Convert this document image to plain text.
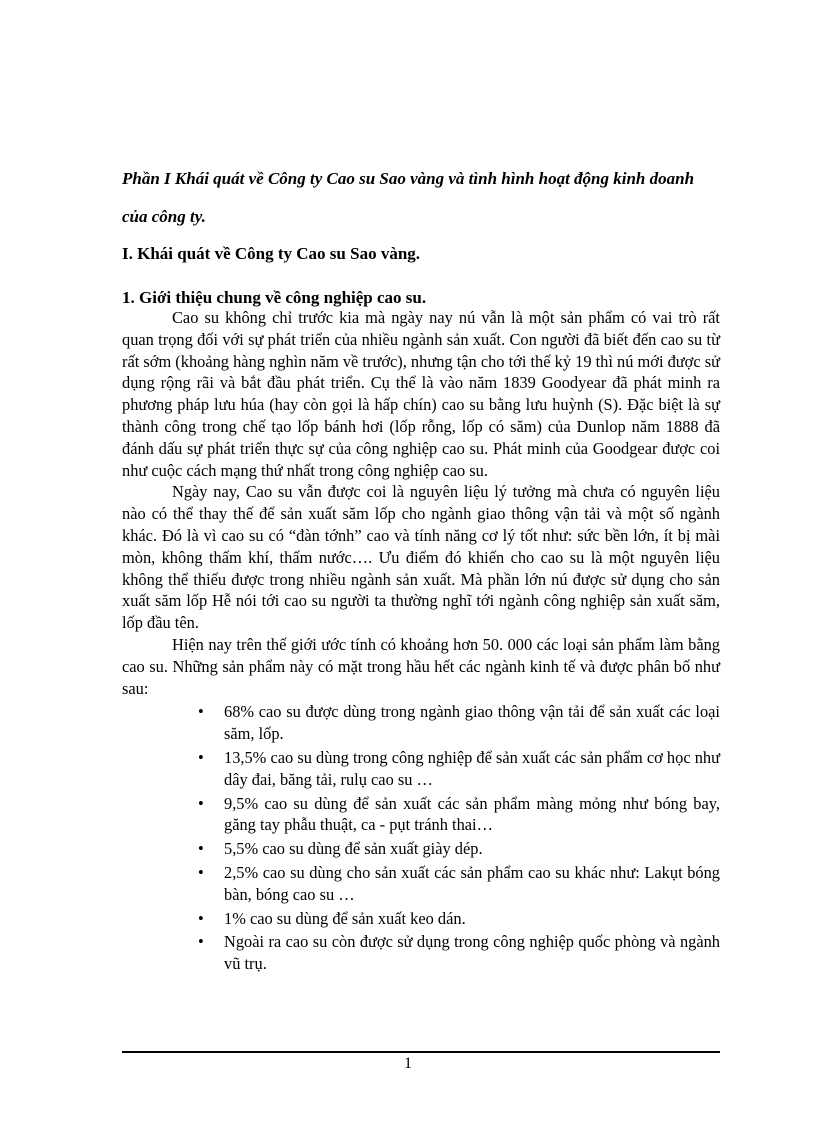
Phần I Khái quát về Công ty Cao su Sao vàng và tình hình hoạt động kinh doanh của công ty.
I. Khái quát về Công ty Cao su Sao vàng.
1. Giới thiệu chung về công nghiệp cao su.

Cao su không chỉ trước kia mà ngày nay nú vẫn là một sản phẩm có vai trò rất quan trọng đối với sự phát triển của nhiều ngành sản xuất. Con người đã biết đến cao su từ rất sớm (khoảng hàng nghìn năm về trước), nhưng tận cho tới thế kỷ 19 thì nú mới được sử dụng rộng rãi và bắt đầu phát triển. Cụ thể là vào năm 1839 Goodyear đã phát minh ra phương pháp lưu húa (hay còn gọi là hấp chín) cao su bằng lưu huỳnh (S). Đặc biệt là sự thành công trong chế tạo lốp bánh hơi (lốp rỗng, lốp có săm) của Dunlop năm 1888 đã đánh dấu sự phát triển thực sự của công nghiệp cao su. Phát minh của Goodgear được coi như cuộc cách mạng thứ nhất trong công nghiệp cao su.

Ngày nay, Cao su vẫn được coi là nguyên liệu lý tưởng mà chưa có nguyên liệu nào có thể thay thế để sản xuất săm lốp cho ngành giao thông vận tải và một số ngành khác. Đó là vì cao su có “đàn tớnh” cao và tính năng cơ lý tốt như: sức bền lớn, ít bị mài mòn, không thấm khí, thấm nước…. Ưu điểm đó khiến cho cao su là một nguyên liệu không thể thiếu được trong nhiều ngành sản xuất. Mà phần lớn nú được sử dụng cho sản xuất săm lốp Hễ nói tới cao su người ta thường nghĩ tới ngành công nghiệp sản xuất săm, lốp đầu tên.

Hiện nay trên thế giới ước tính có khoảng hơn 50. 000 các loại sản phẩm làm bằng cao su. Những sản phẩm này có mặt trong hầu hết các ngành kinh tế và được phân bố như sau:

• 68% cao su được dùng trong ngành giao thông vận tải để sản xuất các loại săm, lốp.
• 13,5% cao su dùng trong công nghiệp để sản xuất các sản phẩm cơ học như dây đai, băng tải, rulụ cao su …
• 9,5% cao su dùng để sản xuất các sản phẩm màng mỏng như bóng bay, găng tay phẫu thuật, ca - pụt tránh thai…
• 5,5% cao su dùng để sản xuất giày dép.
• 2,5% cao su dùng cho sản xuất các sản phẩm cao su khác như: Lakụt bóng bàn, bóng cao su …
• 1% cao su dùng để sản xuất keo dán.
• Ngoài ra cao su còn được sử dụng trong công nghiệp quốc phòng và ngành vũ trụ.
1
